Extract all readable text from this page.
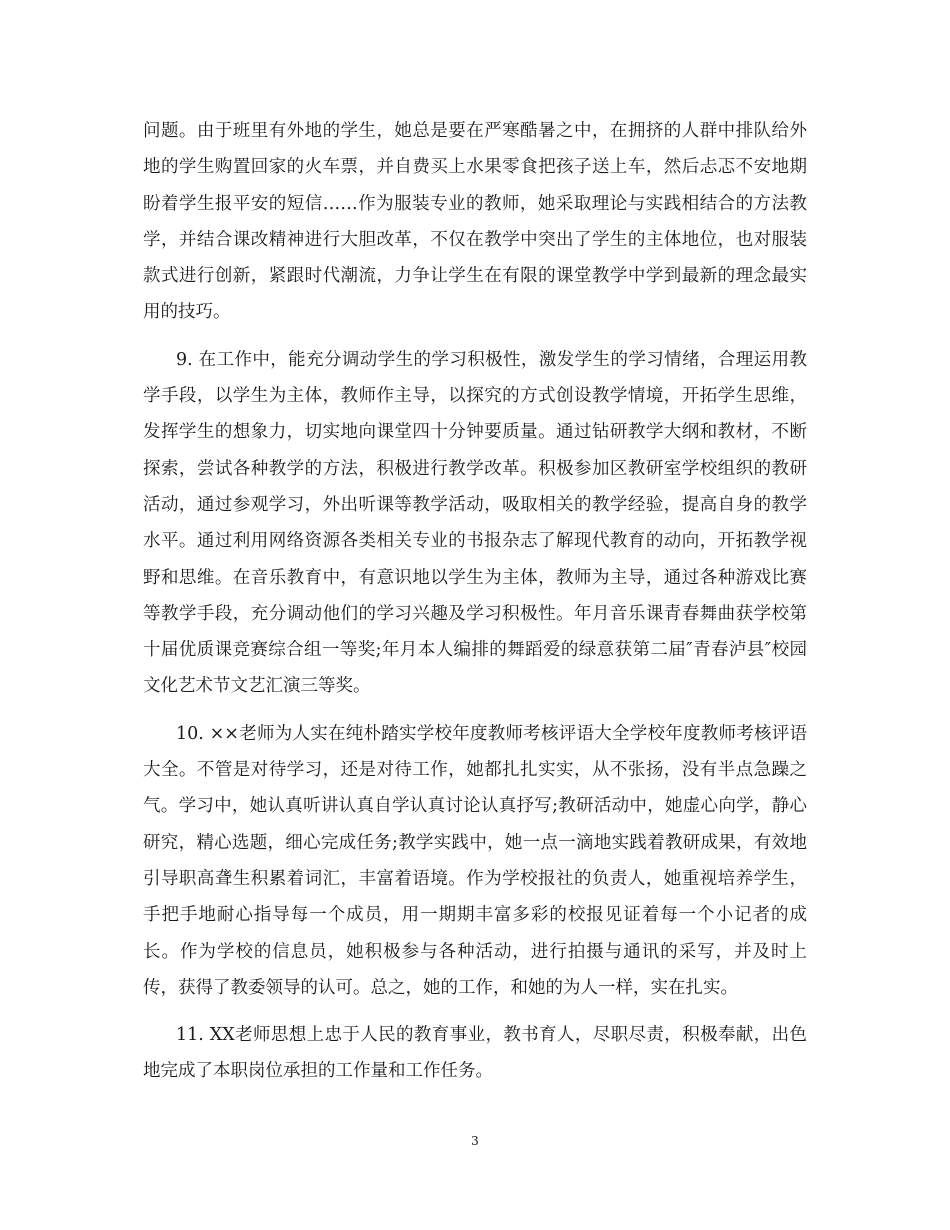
问题。由于班里有外地的学生，她总是要在严寒酷暑之中，在拥挤的人群中排队给外地的学生购置回家的火车票，并自费买上水果零食把孩子送上车，然后忐忑不安地期盼着学生报平安的短信……作为服装专业的教师，她采取理论与实践相结合的方法教学，并结合课改精神进行大胆改革，不仅在教学中突出了学生的主体地位，也对服装款式进行创新，紧跟时代潮流，力争让学生在有限的课堂教学中学到最新的理念最实用的技巧。

9. 在工作中，能充分调动学生的学习积极性，激发学生的学习情绪，合理运用教学手段，以学生为主体，教师作主导，以探究的方式创设教学情境，开拓学生思维，发挥学生的想象力，切实地向课堂四十分钟要质量。通过钻研教学大纲和教材，不断探索，尝试各种教学的方法，积极进行教学改革。积极参加区教研室学校组织的教研活动，通过参观学习，外出听课等教学活动，吸取相关的教学经验，提高自身的教学水平。通过利用网络资源各类相关专业的书报杂志了解现代教育的动向，开拓教学视野和思维。在音乐教育中，有意识地以学生为主体，教师为主导，通过各种游戏比赛等教学手段，充分调动他们的学习兴趣及学习积极性。年月音乐课青春舞曲获学校第十届优质课竞赛综合组一等奖;年月本人编排的舞蹈爱的绿意获第二届″青春泸县″校园文化艺术节文艺汇演三等奖。

10. ××老师为人实在纯朴踏实学校年度教师考核评语大全学校年度教师考核评语大全。不管是对待学习，还是对待工作，她都扎扎实实，从不张扬，没有半点急躁之气。学习中，她认真听讲认真自学认真讨论认真抒写;教研活动中，她虚心向学，静心研究，精心选题，细心完成任务;教学实践中，她一点一滴地实践着教研成果，有效地引导职高聋生积累着词汇，丰富着语境。作为学校报社的负责人，她重视培养学生，手把手地耐心指导每一个成员，用一期期丰富多彩的校报见证着每一个小记者的成长。作为学校的信息员，她积极参与各种活动，进行拍摄与通讯的采写，并及时上传，获得了教委领导的认可。总之，她的工作，和她的为人一样，实在扎实。

11. XX老师思想上忠于人民的教育事业，教书育人，尽职尽责，积极奉献，出色地完成了本职岗位承担的工作量和工作任务。

3
